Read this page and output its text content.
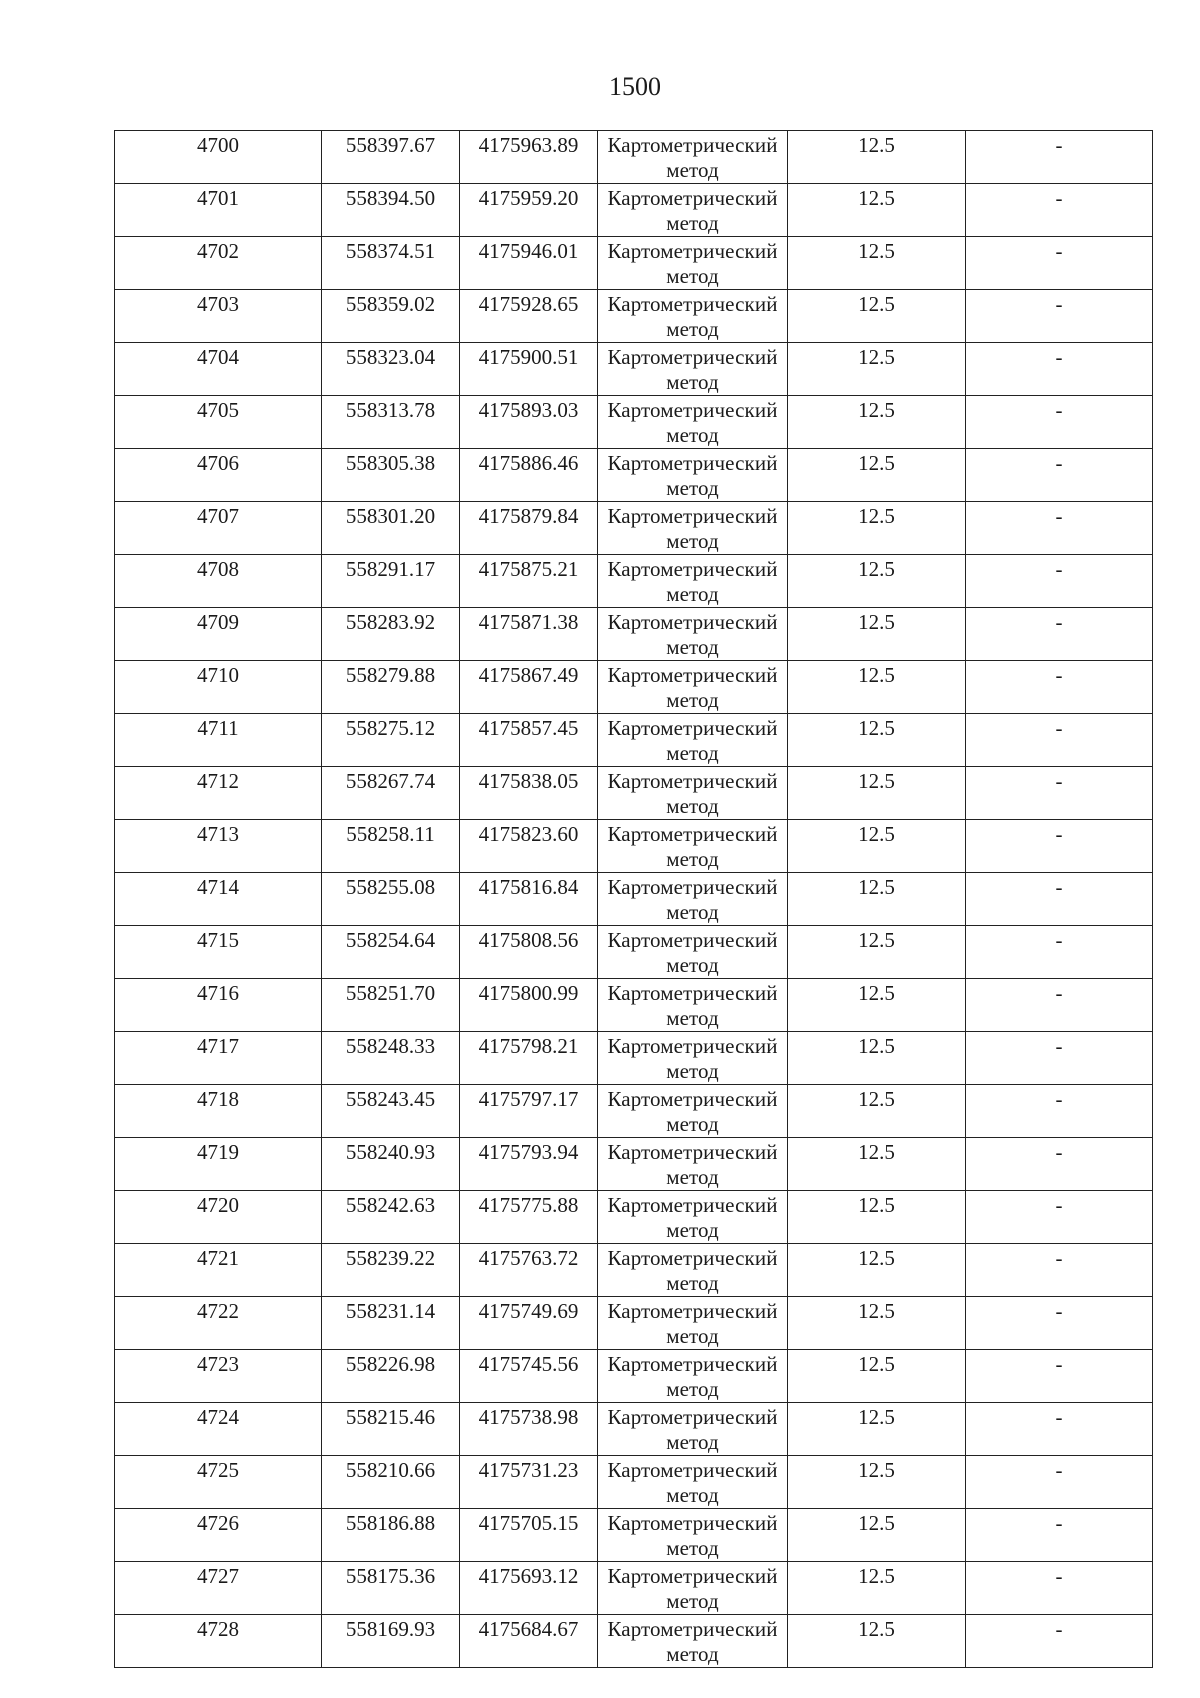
1500
4700	558397.67	4175963.89	Картометрический метод	12.5	-

4701	558394.50	4175959.20	Картометрический метод	12.5	-

4702	558374.51	4175946.01	Картометрический метод	12.5	-

4703	558359.02	4175928.65	Картометрический метод	12.5	-

4704	558323.04	4175900.51	Картометрический метод	12.5	-

4705	558313.78	4175893.03	Картометрический метод	12.5	-

4706	558305.38	4175886.46	Картометрический метод	12.5	-

4707	558301.20	4175879.84	Картометрический метод	12.5	-

4708	558291.17	4175875.21	Картометрический метод	12.5	-

4709	558283.92	4175871.38	Картометрический метод	12.5	-

4710	558279.88	4175867.49	Картометрический метод	12.5	-

4711	558275.12	4175857.45	Картометрический метод	12.5	-

4712	558267.74	4175838.05	Картометрический метод	12.5	-

4713	558258.11	4175823.60	Картометрический метод	12.5	-

4714	558255.08	4175816.84	Картометрический метод	12.5	-

4715	558254.64	4175808.56	Картометрический метод	12.5	-

4716	558251.70	4175800.99	Картометрический метод	12.5	-

4717	558248.33	4175798.21	Картометрический метод	12.5	-

4718	558243.45	4175797.17	Картометрический метод	12.5	-

4719	558240.93	4175793.94	Картометрический метод	12.5	-

4720	558242.63	4175775.88	Картометрический метод	12.5	-

4721	558239.22	4175763.72	Картометрический метод	12.5	-

4722	558231.14	4175749.69	Картометрический метод	12.5	-

4723	558226.98	4175745.56	Картометрический метод	12.5	-

4724	558215.46	4175738.98	Картометрический метод	12.5	-

4725	558210.66	4175731.23	Картометрический метод	12.5	-

4726	558186.88	4175705.15	Картометрический метод	12.5	-

4727	558175.36	4175693.12	Картометрический метод	12.5	-

4728	558169.93	4175684.67	Картометрический метод	12.5	-
